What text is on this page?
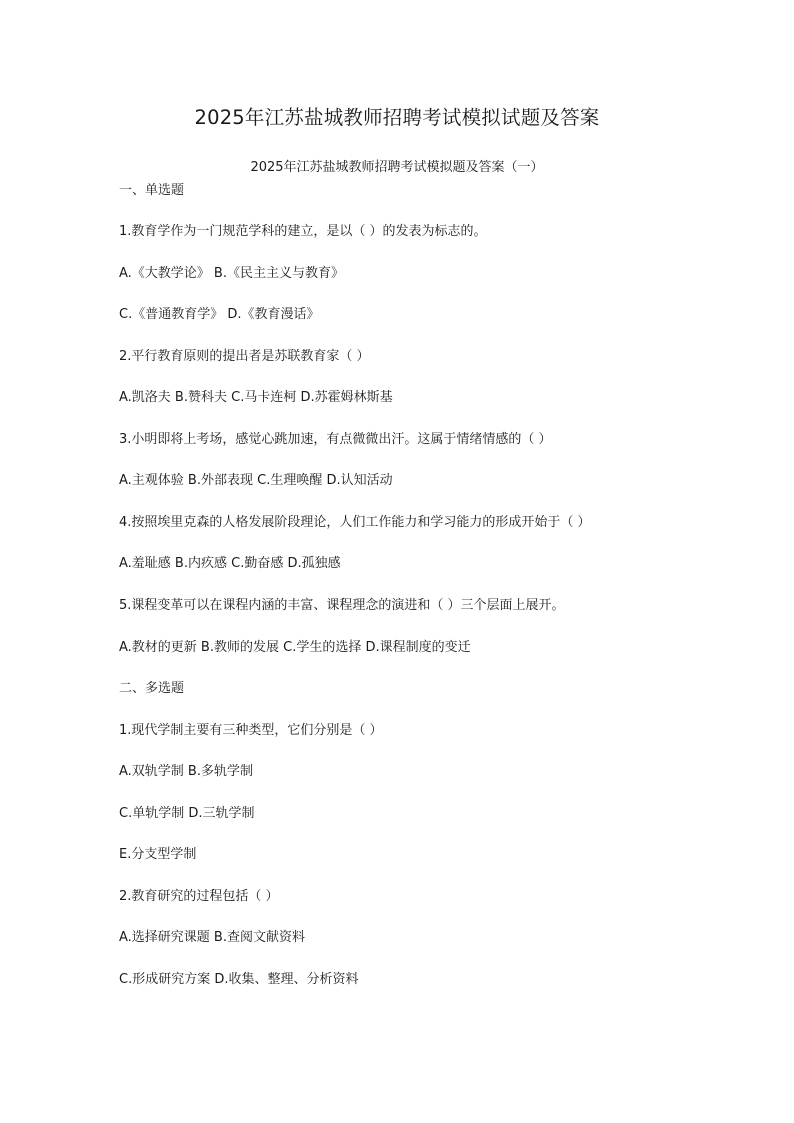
2025年江苏盐城教师招聘考试模拟试题及答案
2025年江苏盐城教师招聘考试模拟题及答案（一）
一、单选题
1.教育学作为一门规范学科的建立，是以（ ）的发表为标志的。
A.《大教学论》 B.《民主主义与教育》
C.《普通教育学》 D.《教育漫话》
2.平行教育原则的提出者是苏联教育家（ ）
A.凯洛夫 B.赞科夫 C.马卡连柯 D.苏霍姆林斯基
3.小明即将上考场，感觉心跳加速，有点微微出汗。这属于情绪情感的（ ）
A.主观体验 B.外部表现 C.生理唤醒 D.认知活动
4.按照埃里克森的人格发展阶段理论，人们工作能力和学习能力的形成开始于（ ）
A.羞耻感 B.内疚感 C.勤奋感 D.孤独感
5.课程变革可以在课程内涵的丰富、课程理念的演进和（ ）三个层面上展开。
A.教材的更新 B.教师的发展 C.学生的选择 D.课程制度的变迁
二、多选题
1.现代学制主要有三种类型，它们分别是（ ）
A.双轨学制 B.多轨学制
C.单轨学制 D.三轨学制
E.分支型学制
2.教育研究的过程包括（ ）
A.选择研究课题 B.查阅文献资料
C.形成研究方案 D.收集、整理、分析资料
